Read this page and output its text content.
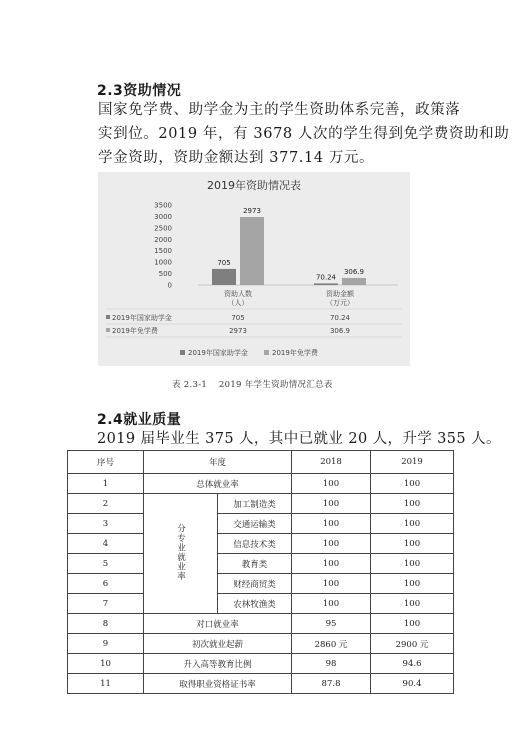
2.3资助情况
国家免学费、助学金为主的学生资助体系完善，政策落
实到位。2019 年，有 3678 人次的学生得到免学费资助和助
学金资助，资助金额达到 377.14 万元。
2019年资助情况表
3500
3000
2500
2000
1500
1000
500
0
705
2973
70.24
306.9
资助人数
（人）
资助金额
（万元）
2019年国家助学金	705	70.24
2019年免学费	2973	306.9
2019年国家助学金	2019年免学费
表 2.3-1　 2019 年学生资助情况汇总表
2.4就业质量
2019 届毕业生 375 人，其中已就业 20 人，升学 355 人。
序号	年度		2018	2019
1	总体就业率		100	100
2	分专业就业率	加工制造类	100	100
3		交通运输类	100	100
4		信息技术类	100	100
5		教育类	100	100
6		财经商贸类	100	100
7		农林牧渔类	100	100
8	对口就业率		95	100
9	初次就业起薪		2860 元	2900 元
10	升入高等教育比例		98	94.6
11	取得职业资格证书率		87.8	90.4
